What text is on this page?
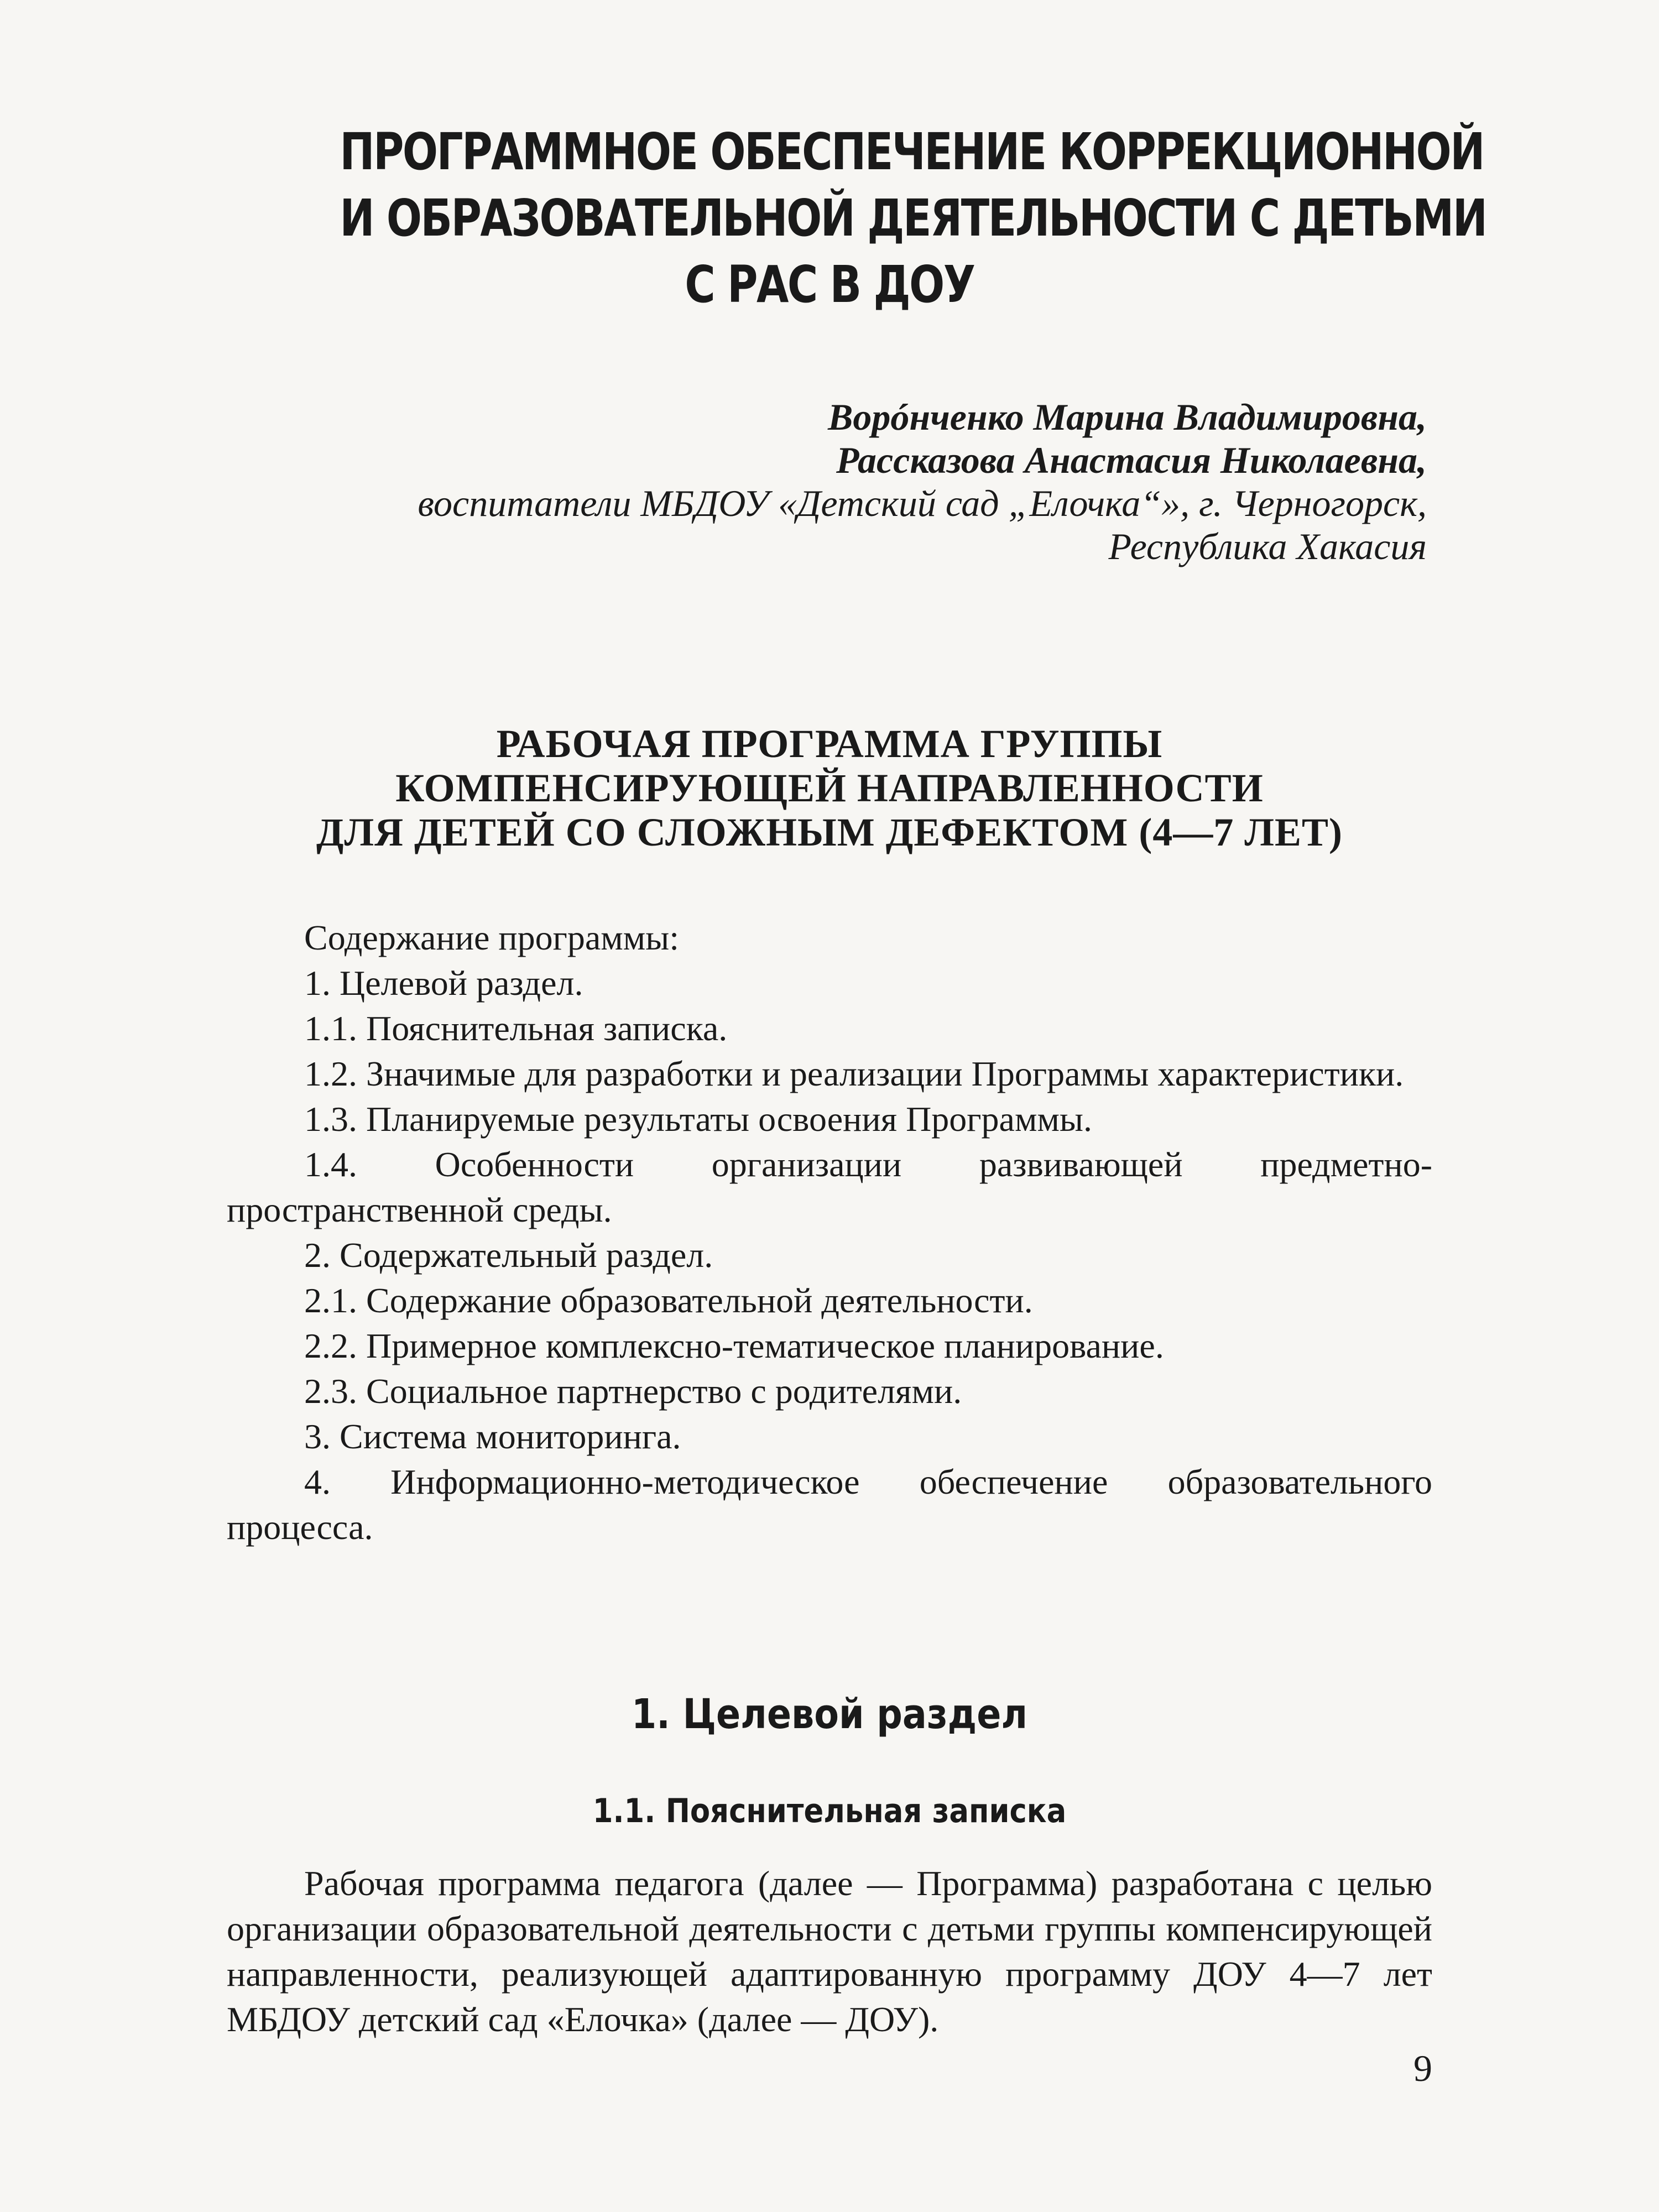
ПРОГРАММНОЕ ОБЕСПЕЧЕНИЕ КОРРЕКЦИОННОЙ
И ОБРАЗОВАТЕЛЬНОЙ ДЕЯТЕЛЬНОСТИ С ДЕТЬМИ
С РАС В ДОУ
Ворóнченко Марина Владимировна,
Рассказова Анастасия Николаевна,
воспитатели МБДОУ «Детский сад „Елочка“», г. Черногорск,
Республика Хакасия
РАБОЧАЯ ПРОГРАММА ГРУППЫ
КОМПЕНСИРУЮЩЕЙ НАПРАВЛЕННОСТИ
ДЛЯ ДЕТЕЙ СО СЛОЖНЫМ ДЕФЕКТОМ (4—7 ЛЕТ)
Содержание программы:
1. Целевой раздел.
1.1. Пояснительная записка.
1.2. Значимые для разработки и реализации Программы характеристики.
1.3. Планируемые результаты освоения Программы.
1.4. Особенности организации развивающей предметно-пространственной среды.
2. Содержательный раздел.
2.1. Содержание образовательной деятельности.
2.2. Примерное комплексно-тематическое планирование.
2.3. Социальное партнерство с родителями.
3. Система мониторинга.
4. Информационно-методическое обеспечение образовательного процесса.
1. Целевой раздел
1.1. Пояснительная записка

Рабочая программа педагога (далее — Программа) разработана с целью организации образовательной деятельности с детьми группы компенсирующей направленности, реализующей адаптированную программу ДОУ 4—7 лет МБДОУ детский сад «Елочка» (далее — ДОУ).

9
